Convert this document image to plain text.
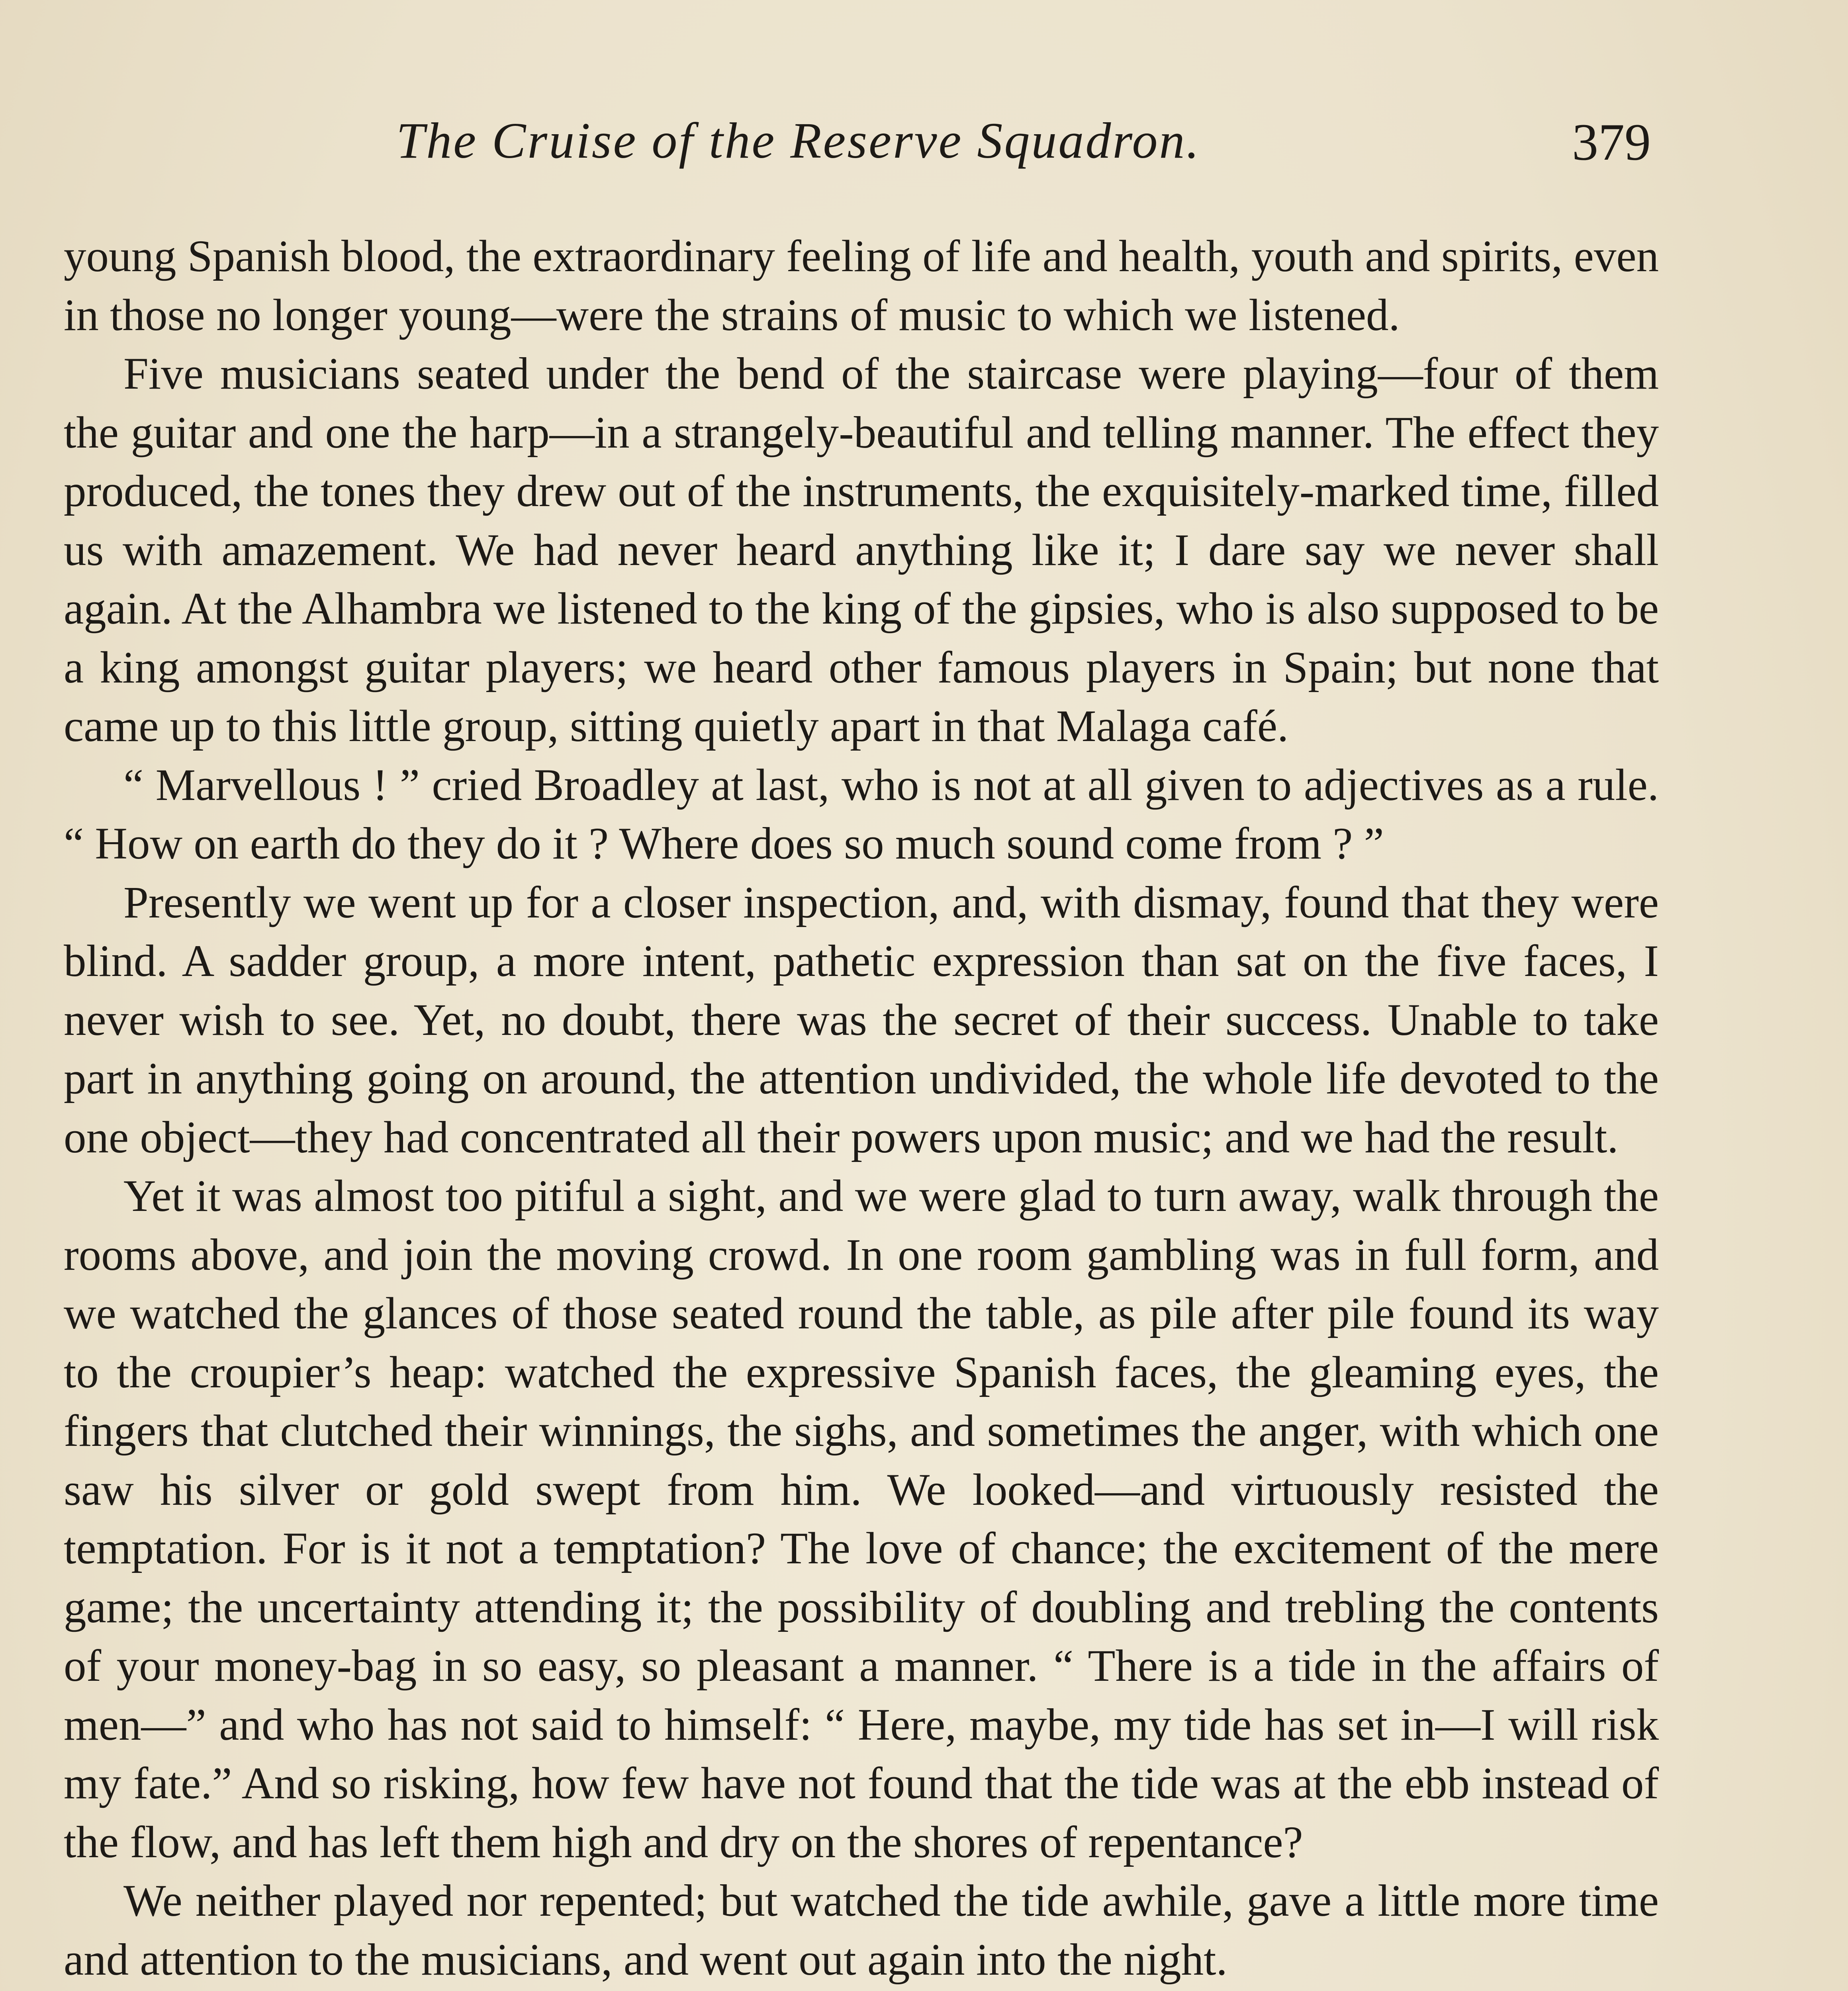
The Cruise of the Reserve Squadron.	379

young Spanish blood, the extraordinary feeling of life and health, youth and spirits, even in those no longer young—were the strains of music to which we listened.

Five musicians seated under the bend of the staircase were playing—four of them the guitar and one the harp—in a strangely-beautiful and telling manner. The effect they produced, the tones they drew out of the instruments, the exquisitely-marked time, filled us with amazement. We had never heard anything like it; I dare say we never shall again. At the Alhambra we listened to the king of the gipsies, who is also supposed to be a king amongst guitar players; we heard other famous players in Spain; but none that came up to this little group, sitting quietly apart in that Malaga café.

“ Marvellous ! ” cried Broadley at last, who is not at all given to adjectives as a rule. “ How on earth do they do it ? Where does so much sound come from ? ”

Presently we went up for a closer inspection, and, with dismay, found that they were blind. A sadder group, a more intent, pathetic expression than sat on the five faces, I never wish to see. Yet, no doubt, there was the secret of their success. Unable to take part in anything going on around, the attention undivided, the whole life devoted to the one object—they had concentrated all their powers upon music; and we had the result.

Yet it was almost too pitiful a sight, and we were glad to turn away, walk through the rooms above, and join the moving crowd. In one room gambling was in full form, and we watched the glances of those seated round the table, as pile after pile found its way to the croupier’s heap: watched the expressive Spanish faces, the gleaming eyes, the fingers that clutched their winnings, the sighs, and sometimes the anger, with which one saw his silver or gold swept from him. We looked—and virtuously resisted the temptation. For is it not a temptation? The love of chance; the excitement of the mere game; the uncertainty attending it; the possibility of doubling and trebling the contents of your money-bag in so easy, so pleasant a manner. “ There is a tide in the affairs of men—” and who has not said to himself: “ Here, maybe, my tide has set in—I will risk my fate.” And so risking, how few have not found that the tide was at the ebb instead of the flow, and has left them high and dry on the shores of repentance?

We neither played nor repented; but watched the tide awhile, gave a little more time and attention to the musicians, and went out again into the night.
